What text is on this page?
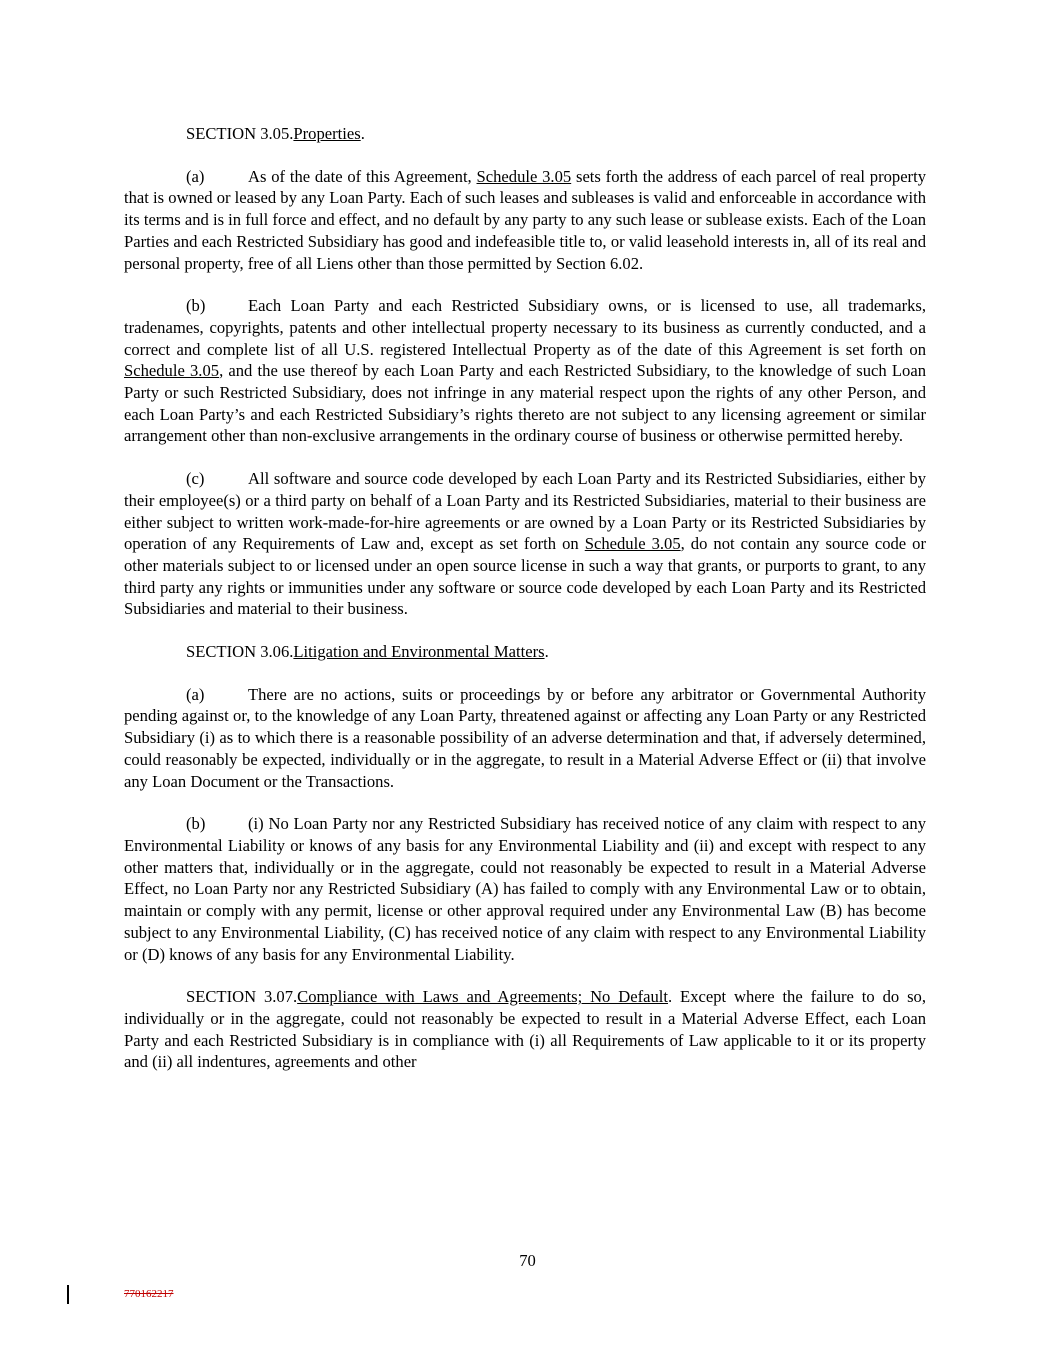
SECTION 3.05.Properties.

(a)	As of the date of this Agreement, Schedule 3.05 sets forth the address of each parcel of real property that is owned or leased by any Loan Party. Each of such leases and subleases is valid and enforceable in accordance with its terms and is in full force and effect, and no default by any party to any such lease or sublease exists. Each of the Loan Parties and each Restricted Subsidiary has good and indefeasible title to, or valid leasehold interests in, all of its real and personal property, free of all Liens other than those permitted by Section 6.02.

(b)	Each Loan Party and each Restricted Subsidiary owns, or is licensed to use, all trademarks, tradenames, copyrights, patents and other intellectual property necessary to its business as currently conducted, and a correct and complete list of all U.S. registered Intellectual Property as of the date of this Agreement is set forth on Schedule 3.05, and the use thereof by each Loan Party and each Restricted Subsidiary, to the knowledge of such Loan Party or such Restricted Subsidiary, does not infringe in any material respect upon the rights of any other Person, and each Loan Party’s and each Restricted Subsidiary’s rights thereto are not subject to any licensing agreement or similar arrangement other than non-exclusive arrangements in the ordinary course of business or otherwise permitted hereby.

(c)	All software and source code developed by each Loan Party and its Restricted Subsidiaries, either by their employee(s) or a third party on behalf of a Loan Party and its Restricted Subsidiaries, material to their business are either subject to written work-made-for-hire agreements or are owned by a Loan Party or its Restricted Subsidiaries by operation of any Requirements of Law and, except as set forth on Schedule 3.05, do not contain any source code or other materials subject to or licensed under an open source license in such a way that grants, or purports to grant, to any third party any rights or immunities under any software or source code developed by each Loan Party and its Restricted Subsidiaries and material to their business.

SECTION 3.06.Litigation and Environmental Matters.

(a)	There are no actions, suits or proceedings by or before any arbitrator or Governmental Authority pending against or, to the knowledge of any Loan Party, threatened against or affecting any Loan Party or any Restricted Subsidiary (i) as to which there is a reasonable possibility of an adverse determination and that, if adversely determined, could reasonably be expected, individually or in the aggregate, to result in a Material Adverse Effect or (ii) that involve any Loan Document or the Transactions.

(b)	(i) No Loan Party nor any Restricted Subsidiary has received notice of any claim with respect to any Environmental Liability or knows of any basis for any Environmental Liability and (ii) and except with respect to any other matters that, individually or in the aggregate, could not reasonably be expected to result in a Material Adverse Effect, no Loan Party nor any Restricted Subsidiary (A) has failed to comply with any Environmental Law or to obtain, maintain or comply with any permit, license or other approval required under any Environmental Law (B) has become subject to any Environmental Liability, (C) has received notice of any claim with respect to any Environmental Liability or (D) knows of any basis for any Environmental Liability.

SECTION 3.07.Compliance with Laws and Agreements; No Default. Except where the failure to do so, individually or in the aggregate, could not reasonably be expected to result in a Material Adverse Effect, each Loan Party and each Restricted Subsidiary is in compliance with (i) all Requirements of Law applicable to it or its property and (ii) all indentures, agreements and other

70
770162217
